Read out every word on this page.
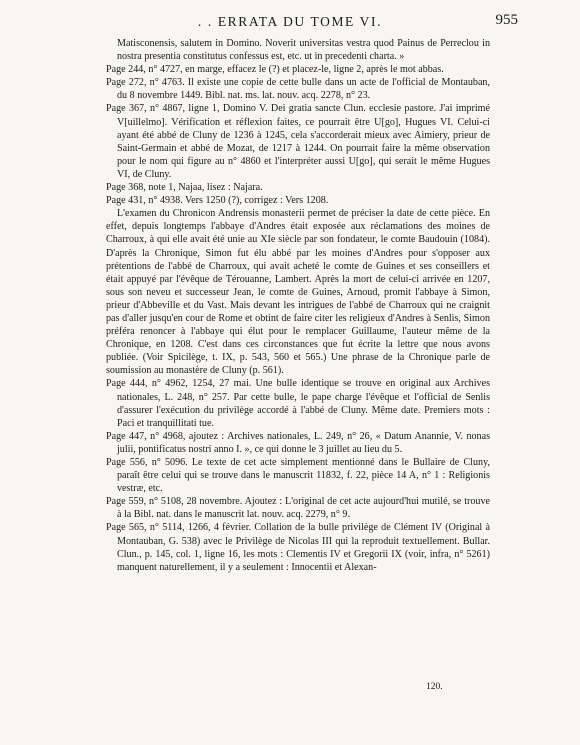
. . ERRATA DU TOME VI.	955

Matisconensis, salutem in Domino. Noverit universitas vestra quod Painus de Perreclou in nostra presentia constitutus confessus est, etc. ut in precedenti charta. »

Page 244, n° 4727, en marge, effacez le (?) et placez-le, ligne 2, après le mot abbas.

Page 272, n° 4763. Il existe une copie de cette bulle dans un acte de l'official de Montauban, du 8 novembre 1449. Bibl. nat. ms. lat. nouv. acq. 2278, n° 23.

Page 367, n° 4867, ligne 1, Domino V. Dei gratia sancte Clun. ecclesie pastore. J'ai imprimé V[uillelmo]. Vérification et réflexion faites, ce pourrait être U[go], Hugues VI. Celui-ci ayant été abbé de Cluny de 1236 à 1245, cela s'accorderait mieux avec Aimiery, prieur de Saint-Germain et abbé de Mozat, de 1217 à 1244. On pourrait faire la même observation pour le nom qui figure au n° 4860 et l'interpréter aussi U[go], qui serait le même Hugues VI, de Cluny.

Page 368, note 1, Najaa, lisez : Najara.

Page 431, n° 4938. Vers 1250 (?), corrigez : Vers 1208.

L'examen du Chronicon Andrensis monasterii permet de préciser la date de cette pièce. En effet, depuis longtemps l'abbaye d'Andres était exposée aux réclamations des moines de Charroux, à qui elle avait été unie au XIe siècle par son fondateur, le comte Baudouin (1084). D'après la Chronique, Simon fut élu abbé par les moines d'Andres pour s'opposer aux prétentions de l'abbé de Charroux, qui avait acheté le comte de Guines et ses conseillers et était appuyé par l'évêque de Térouanne, Lambert. Après la mort de celui-ci arrivée en 1207, sous son neveu et successeur Jean, le comte de Guines, Arnoud, promit l'abbaye à Simon, prieur d'Abbeville et du Vast. Mais devant les intrigues de l'abbé de Charroux qui ne craignit pas d'aller jusqu'en cour de Rome et obtint de faire citer les religieux d'Andres à Senlis, Simon préféra renoncer à l'abbaye qui élut pour le remplacer Guillaume, l'auteur même de la Chronique, en 1208. C'est dans ces circonstances que fut écrite la lettre que nous avons publiée. (Voir Spicilège, t. IX, p. 543, 560 et 565.) Une phrase de la Chronique parle de soumission au monastère de Cluny (p. 561).

Page 444, n° 4962, 1254, 27 mai. Une bulle identique se trouve en original aux Archives nationales, L. 248, n° 257. Par cette bulle, le pape charge l'évêque et l'official de Senlis d'assurer l'exécution du privilège accordé à l'abbé de Cluny. Même date. Premiers mots : Paci et tranquillitati tue.

Page 447, n° 4968, ajoutez : Archives nationales, L. 249, n° 26, « Datum Anannie, V. nonas julii, pontificatus nostri anno I. », ce qui donne le 3 juillet au lieu du 5.

Page 556, n° 5096. Le texte de cet acte simplement mentionné dans le Bullaire de Cluny, paraît être celui qui se trouve dans le manuscrit 11832, f. 22, pièce 14 A, n° 1 : Religionis vestræ, etc.

Page 559, n° 5108, 28 novembre. Ajoutez : L'original de cet acte aujourd'hui mutilé, se trouve à la Bibl. nat. dans le manuscrit lat. nouv. acq. 2279, n° 9.

Page 565, n° 5114, 1266, 4 février. Collation de la bulle privilège de Clément IV (Original à Montauban, G. 538) avec le Privilège de Nicolas III qui la reproduit textuellement. Bullar. Clun., p. 145, col. 1, ligne 16, les mots : Clementis IV et Gregorii IX (voir, infra, n° 5261) manquent naturellement, il y a seulement : Innocentii et Alexan-

120.
